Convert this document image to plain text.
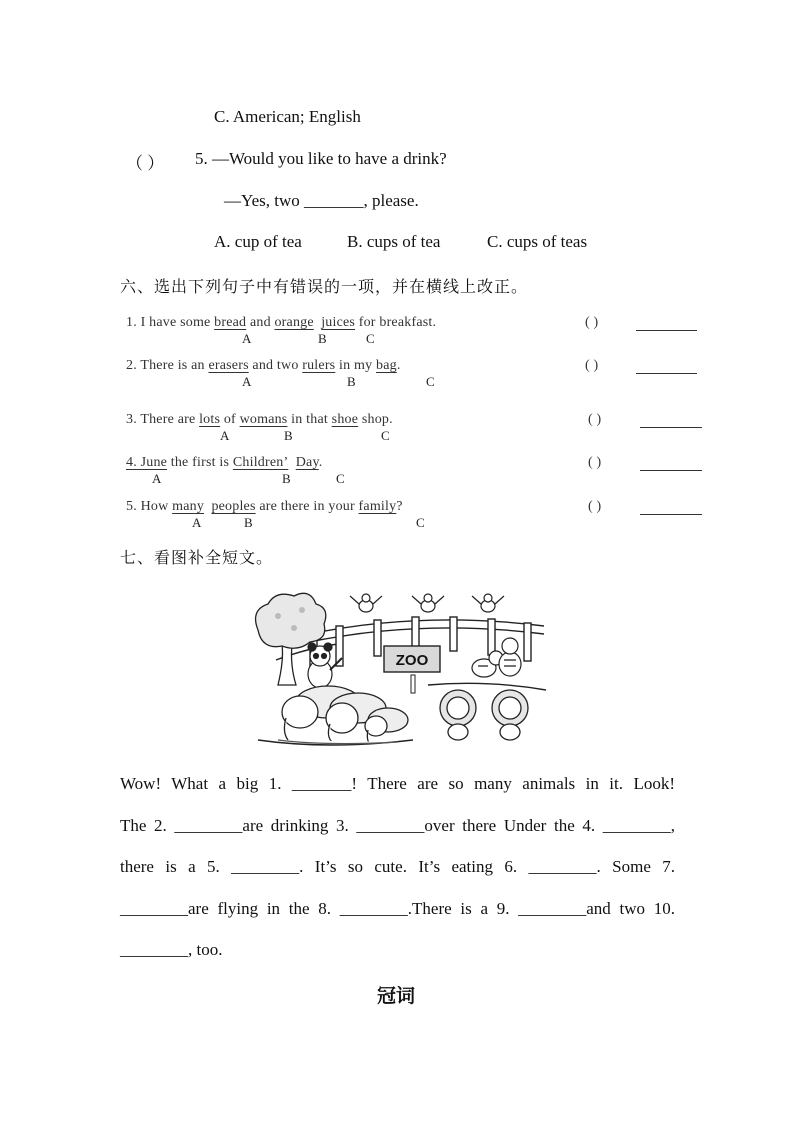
C. American; English
（ ） 5. —Would you like to have a drink?
—Yes, two _______, please.
A. cup of tea	B. cups of tea	C. cups of teas
六、选出下列句子中有错误的一项，并在横线上改正。
1. I have some bread and orange juices for breakfast.
A	B	C
( )
2. There is an erasers and two rulers in my bag.
A	B	C
( )
3. There are lots of womans in that shoe shop.
A	B	C
( )
4. June the first is Children’ Day.
A	B	C
( )
5. How many peoples are there in your family?
A	B	C
( )
七、看图补全短文。
ZOO
Wow! What a big 1. _______! There are so many animals in it. Look!
The 2. ________are drinking 3. ________over there Under the 4. ________,
there is a 5. ________. It’s so cute. It’s eating 6. ________. Some 7.
________are flying in the 8. ________.There is a 9. ________and two 10.
________, too.
冠词
